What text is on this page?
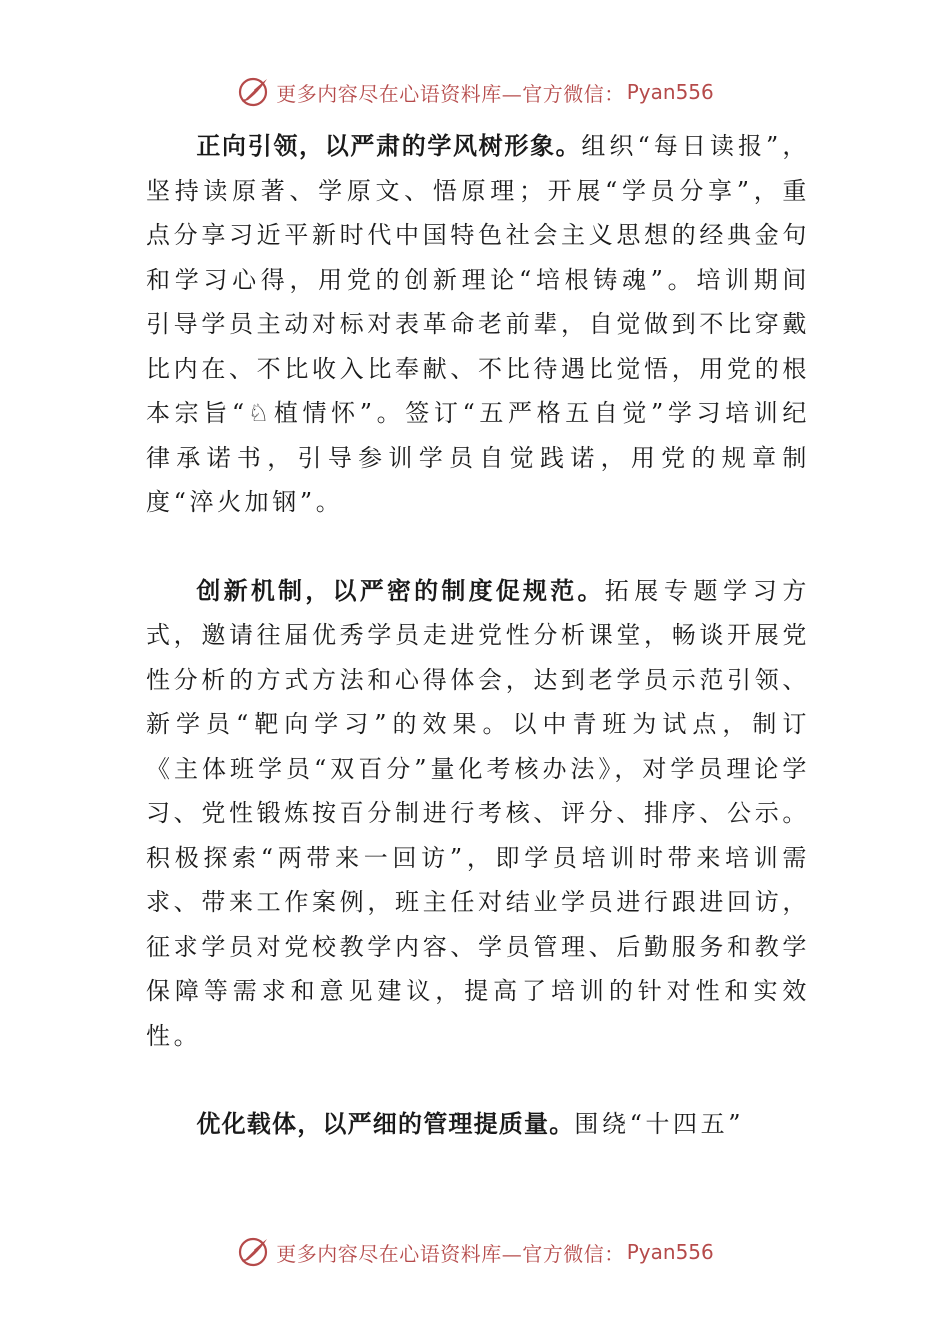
更多内容尽在心语资料库—官方微信： Pyan556

正向引领，以严肃的学风树形象。组织“每日读报”，坚持读原著、学原文、悟原理；开展“学员分享”，重点分享习近平新时代中国特色社会主义思想的经典金句和学习心得，用党的创新理论“培根铸魂”。培训期间引导学员主动对标对表革命老前辈，自觉做到不比穿戴比内在、不比收入比奉献、不比待遇比觉悟，用党的根本宗旨“♘植情怀”。签订“五严格五自觉”学习培训纪律承诺书，引导参训学员自觉践诺，用党的规章制度“淬火加钢”。

创新机制，以严密的制度促规范。拓展专题学习方式，邀请往届优秀学员走进党性分析课堂，畅谈开展党性分析的方式方法和心得体会，达到老学员示范引领、新学员“靶向学习”的效果。以中青班为试点，制订《主体班学员“双百分”量化考核办法》，对学员理论学习、党性锻炼按百分制进行考核、评分、排序、公示。积极探索“两带来一回访”，即学员培训时带来培训需求、带来工作案例，班主任对结业学员进行跟进回访，征求学员对党校教学内容、学员管理、后勤服务和教学保障等需求和意见建议，提高了培训的针对性和实效性。

优化载体，以严细的管理提质量。围绕“十四五”

更多内容尽在心语资料库—官方微信： Pyan556
